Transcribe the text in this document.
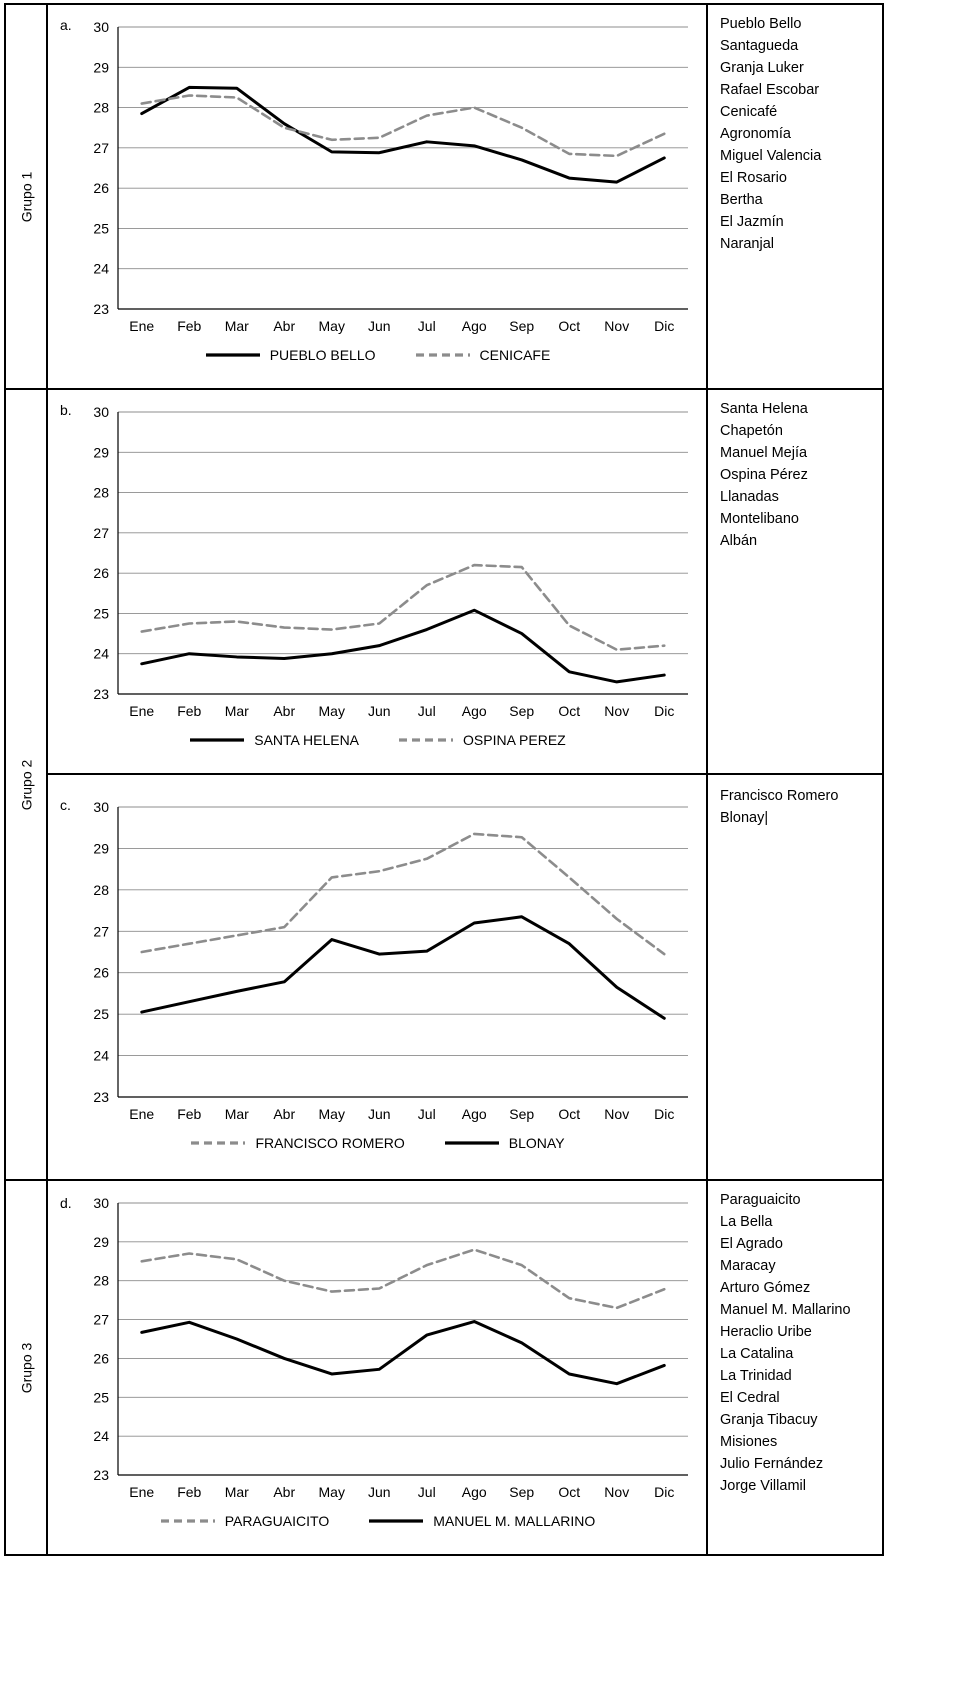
Grupo 1
a.
23
24
25
26
27
28
29
30
Ene Feb Mar Abr May Jun Jul Ago Sep Oct Nov Dic
PUEBLO BELLO	CENICAFE
Pueblo Bello
Santagueda
Granja Luker
Rafael Escobar
Cenicafé
Agronomía
Miguel Valencia
El Rosario
Bertha
El Jazmín
Naranjal
Grupo 2
b.
23
24
25
26
27
28
29
30
Ene Feb Mar Abr May Jun Jul Ago Sep Oct Nov Dic
SANTA HELENA	OSPINA PEREZ
c.
23
24
25
26
27
28
29
30
Ene Feb Mar Abr May Jun Jul Ago Sep Oct Nov Dic
FRANCISCO ROMERO	BLONAY
Santa Helena
Chapetón
Manuel Mejía
Ospina Pérez
Llanadas
Montelibano
Albán
Francisco Romero
Blonay|
Grupo 3
d.
23
24
25
26
27
28
29
30
Ene Feb Mar Abr May Jun Jul Ago Sep Oct Nov Dic
PARAGUAICITO	MANUEL M. MALLARINO
Paraguaicito
La Bella
El Agrado
Maracay
Arturo Gómez
Manuel M. Mallarino
Heraclio Uribe
La Catalina
La Trinidad
El Cedral
Granja Tibacuy
Misiones
Julio Fernández
Jorge Villamil
